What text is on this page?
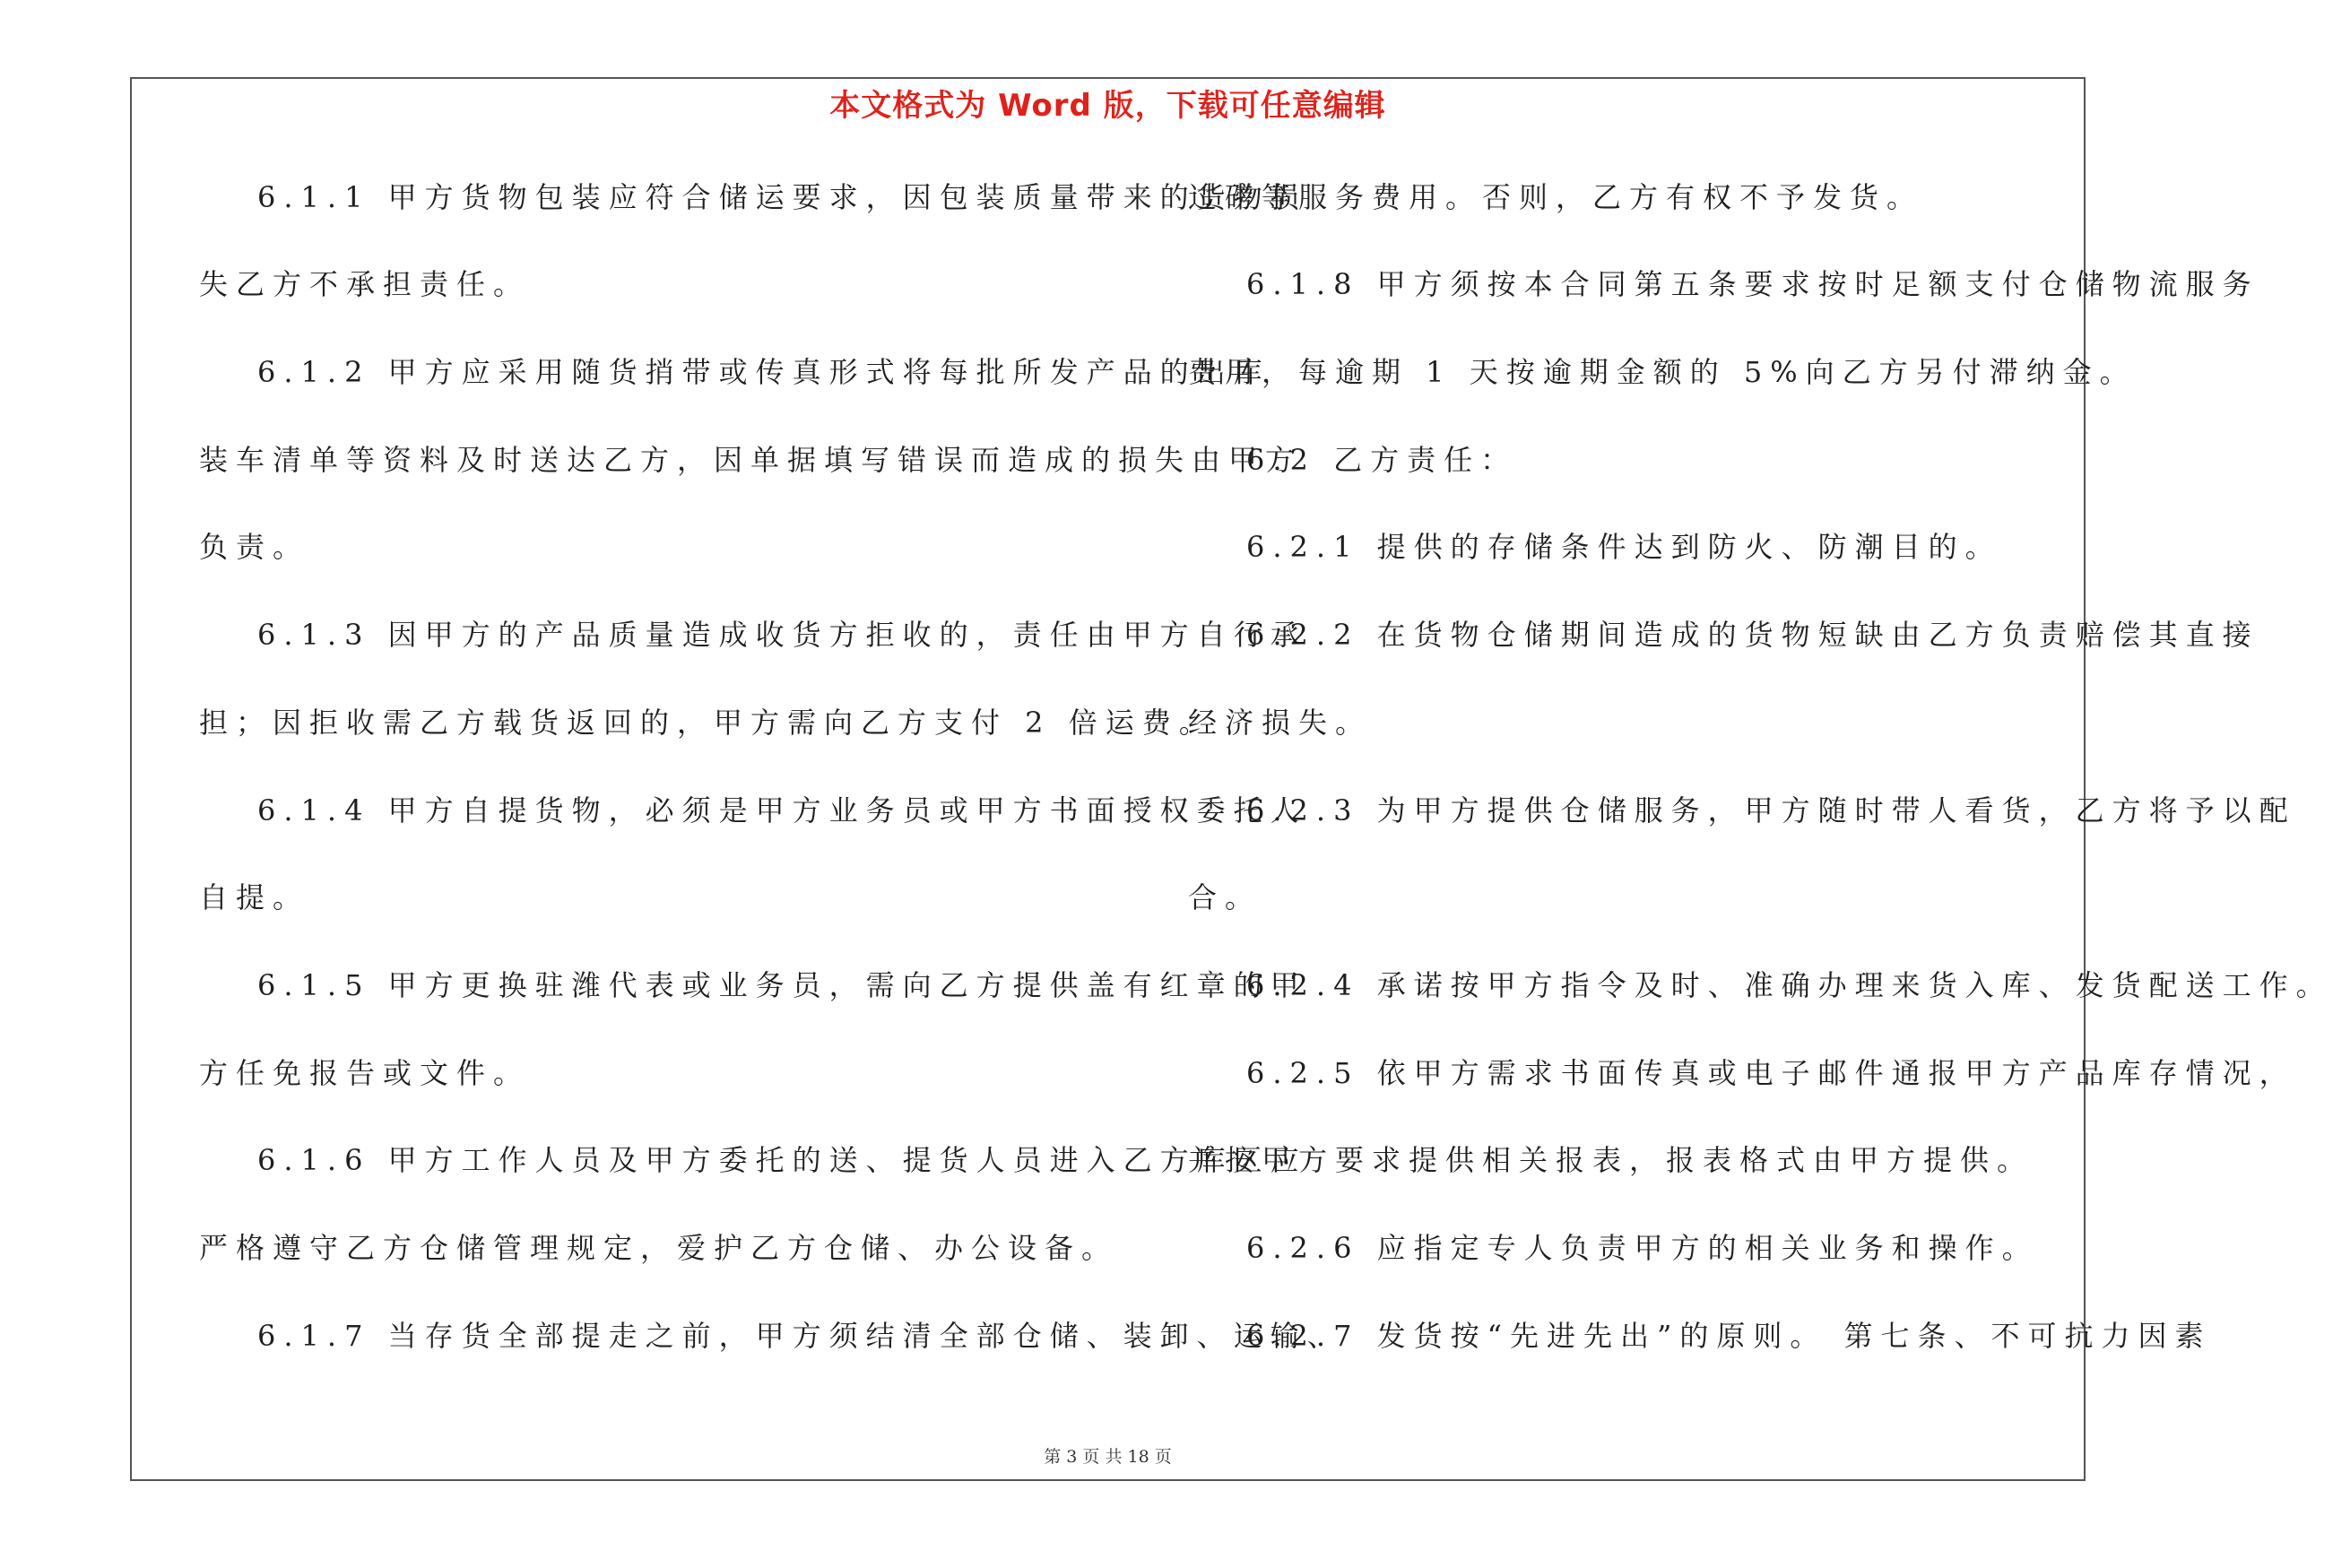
本文格式为 Word 版，下载可任意编辑
6.1.1 甲方货物包装应符合储运要求，因包装质量带来的货物损
失乙方不承担责任。
6.1.2 甲方应采用随货捎带或传真形式将每批所发产品的出库
装车清单等资料及时送达乙方，因单据填写错误而造成的损失由甲方
负责。
6.1.3 因甲方的产品质量造成收货方拒收的，责任由甲方自行承
担；因拒收需乙方载货返回的，甲方需向乙方支付 2 倍运费。
6.1.4 甲方自提货物，必须是甲方业务员或甲方书面授权委托人
自提。
6.1.5 甲方更换驻潍代表或业务员，需向乙方提供盖有红章的甲
方任免报告或文件。
6.1.6 甲方工作人员及甲方委托的送、提货人员进入乙方库区应
严格遵守乙方仓储管理规定，爱护乙方仓储、办公设备。
6.1.7 当存货全部提走之前，甲方须结清全部仓储、装卸、运输、
过磅等服务费用。否则，乙方有权不予发货。
6.1.8 甲方须按本合同第五条要求按时足额支付仓储物流服务
费用，每逾期 1 天按逾期金额的 5%向乙方另付滞纳金。
6.2 乙方责任：
6.2.1 提供的存储条件达到防火、防潮目的。
6.2.2 在货物仓储期间造成的货物短缺由乙方负责赔偿其直接
经济损失。
6.2.3 为甲方提供仓储服务，甲方随时带人看货，乙方将予以配
合。
6.2.4 承诺按甲方指令及时、准确办理来货入库、发货配送工作。
6.2.5 依甲方需求书面传真或电子邮件通报甲方产品库存情况，
并按甲方要求提供相关报表，报表格式由甲方提供。
6.2.6 应指定专人负责甲方的相关业务和操作。
6.2.7 发货按“先进先出”的原则。 第七条、不可抗力因素
第 3 页 共 18 页
